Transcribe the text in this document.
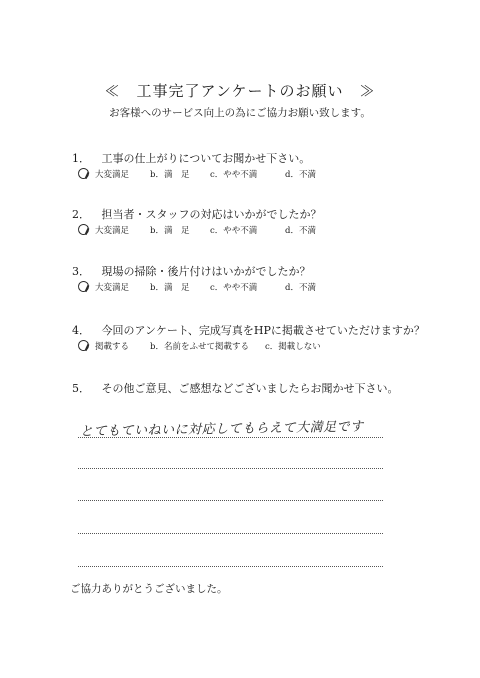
≪　工事完了アンケートのお願い　≫
お客様へのサービス向上の為にご協力お願い致します。
1． 工事の仕上がりについてお聞かせ下さい。
大変満足 b．満　足 c．やや不満	d．不満
2． 担当者・スタッフの対応はいかがでしたか？
大変満足 b．満　足 c．やや不満	d．不満
3． 現場の掃除・後片付けはいかがでしたか？
大変満足 b．満　足 c．やや不満	d．不満
4． 今回のアンケート、完成写真をHPに掲載させていただけますか？
掲載する b．名前をふせて掲載する c．掲載しない
5． その他ご意見、ご感想などございましたらお聞かせ下さい。
とてもていねいに対応してもらえて大満足です
ご協力ありがとうございました。
